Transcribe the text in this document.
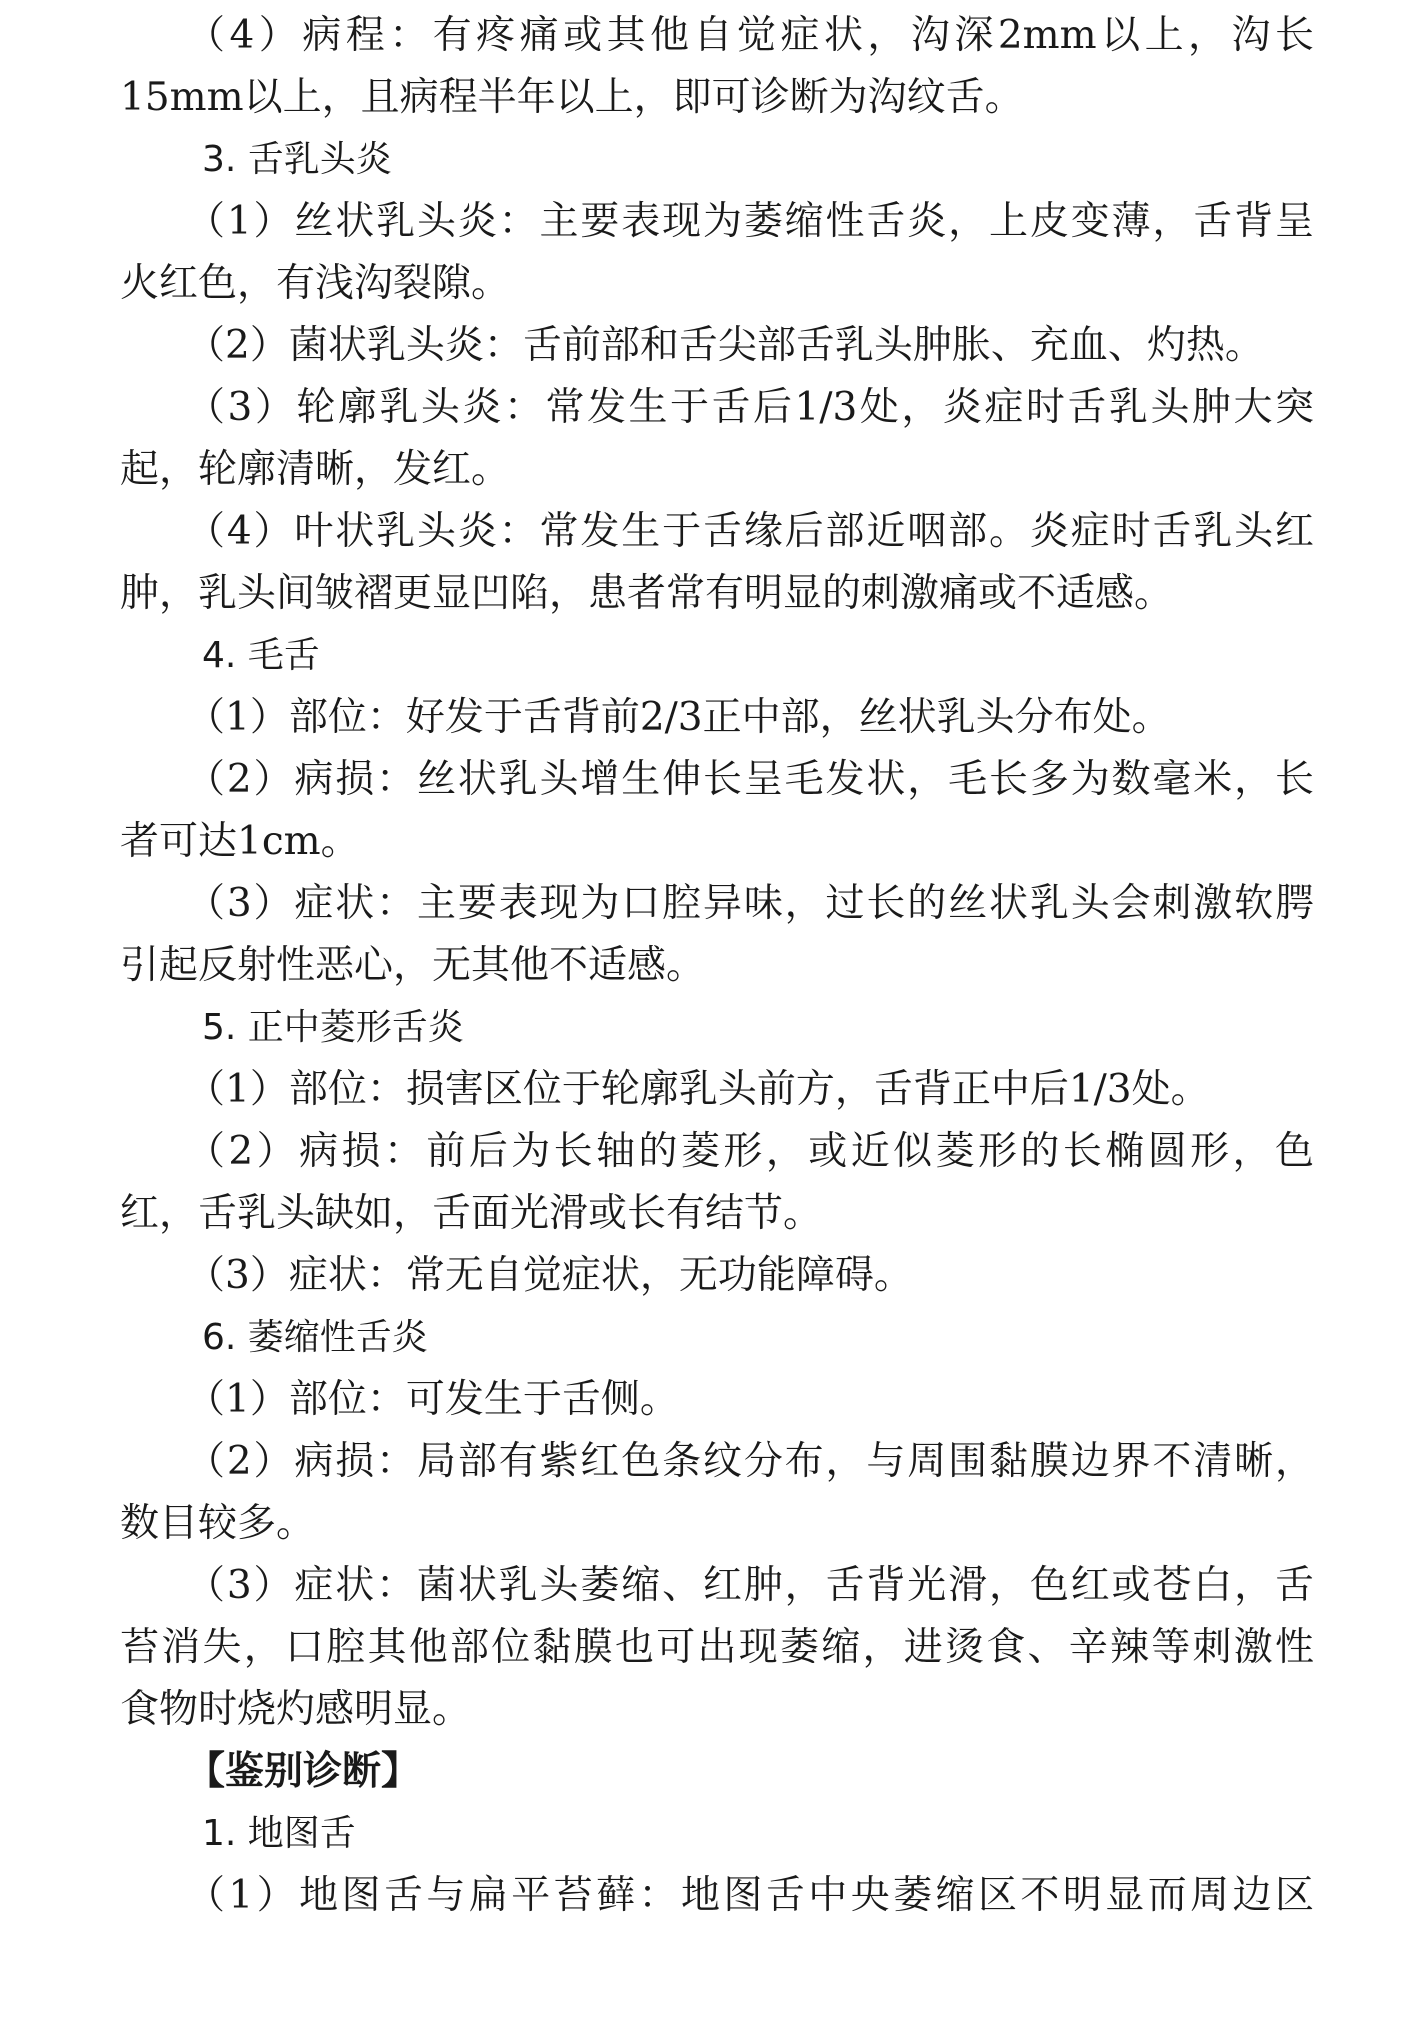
（4）病程：有疼痛或其他自觉症状，沟深2mm以上，沟长
15mm以上，且病程半年以上，即可诊断为沟纹舌。
3. 舌乳头炎
（1）丝状乳头炎：主要表现为萎缩性舌炎，上皮变薄，舌背呈
火红色，有浅沟裂隙。
（2）菌状乳头炎：舌前部和舌尖部舌乳头肿胀、充血、灼热。
（3）轮廓乳头炎：常发生于舌后1/3处，炎症时舌乳头肿大突
起，轮廓清晰，发红。
（4）叶状乳头炎：常发生于舌缘后部近咽部。炎症时舌乳头红
肿，乳头间皱褶更显凹陷，患者常有明显的刺激痛或不适感。
4. 毛舌
（1）部位：好发于舌背前2/3正中部，丝状乳头分布处。
（2）病损：丝状乳头增生伸长呈毛发状，毛长多为数毫米，长
者可达1cm。
（3）症状：主要表现为口腔异味，过长的丝状乳头会刺激软腭
引起反射性恶心，无其他不适感。
5. 正中菱形舌炎
（1）部位：损害区位于轮廓乳头前方，舌背正中后1/3处。
（2）病损：前后为长轴的菱形，或近似菱形的长椭圆形，色
红，舌乳头缺如，舌面光滑或长有结节。
（3）症状：常无自觉症状，无功能障碍。
6. 萎缩性舌炎
（1）部位：可发生于舌侧。
（2）病损：局部有紫红色条纹分布，与周围黏膜边界不清晰，
数目较多。
（3）症状：菌状乳头萎缩、红肿，舌背光滑，色红或苍白，舌
苔消失，口腔其他部位黏膜也可出现萎缩，进烫食、辛辣等刺激性
食物时烧灼感明显。
【鉴别诊断】
1. 地图舌
（1）地图舌与扁平苔藓：地图舌中央萎缩区不明显而周边区
